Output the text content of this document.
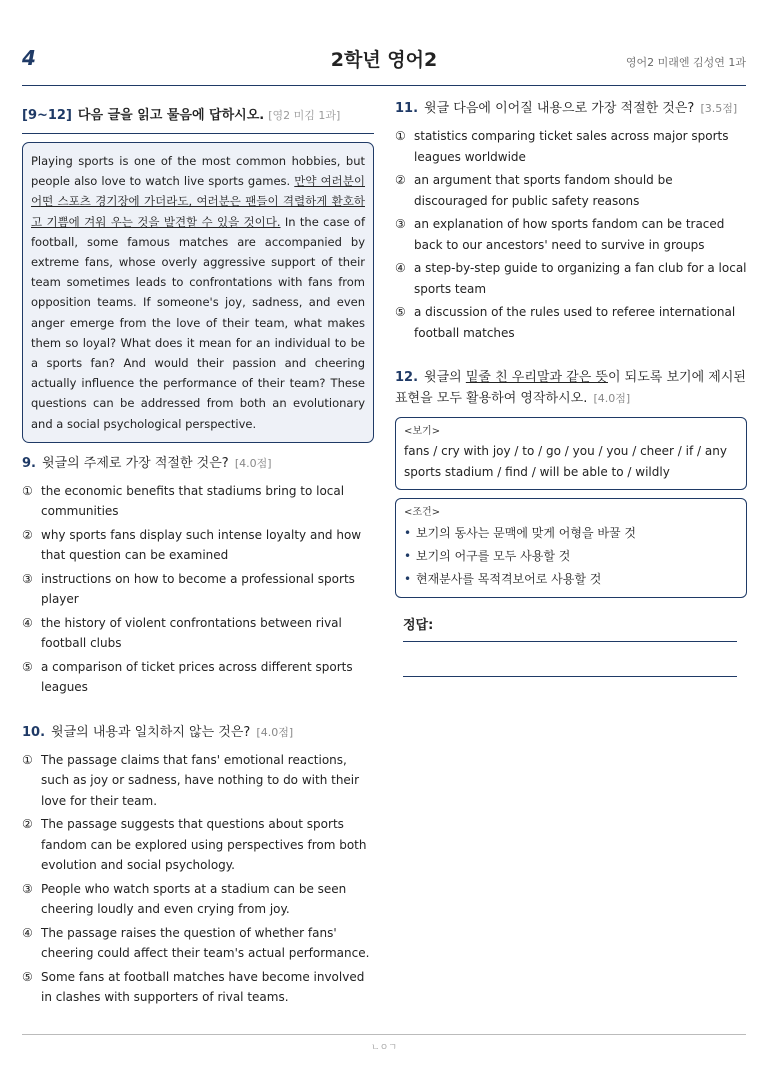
4	2학년 영어2	영어2 미래엔 김성연 1과
[9~12] 다음 글을 읽고 물음에 답하시오. [영2 미김 1과]
Playing sports is one of the most common hobbies, but people also love to watch live sports games. 만약 여러분이 어떤 스포츠 경기장에 가더라도, 여러분은 팬들이 격렬하게 환호하고 기쁨에 겨워 우는 것을 발견할 수 있을 것이다. In the case of football, some famous matches are accompanied by extreme fans, whose overly aggressive support of their team sometimes leads to confrontations with fans from opposition teams. If someone's joy, sadness, and even anger emerge from the love of their team, what makes them so loyal? What does it mean for an individual to be a sports fan? And would their passion and cheering actually influence the performance of their team? These questions can be addressed from both an evolutionary and a social psychological perspective.
9. 윗글의 주제로 가장 적절한 것은? [4.0점]
① the economic benefits that stadiums bring to local communities
② why sports fans display such intense loyalty and how that question can be examined
③ instructions on how to become a professional sports player
④ the history of violent confrontations between rival football clubs
⑤ a comparison of ticket prices across different sports leagues
10. 윗글의 내용과 일치하지 않는 것은? [4.0점]
① The passage claims that fans' emotional reactions, such as joy or sadness, have nothing to do with their love for their team.
② The passage suggests that questions about sports fandom can be explored using perspectives from both evolution and social psychology.
③ People who watch sports at a stadium can be seen cheering loudly and even crying from joy.
④ The passage raises the question of whether fans' cheering could affect their team's actual performance.
⑤ Some fans at football matches have become involved in clashes with supporters of rival teams.
11. 윗글 다음에 이어질 내용으로 가장 적절한 것은? [3.5점]
① statistics comparing ticket sales across major sports leagues worldwide
② an argument that sports fandom should be discouraged for public safety reasons
③ an explanation of how sports fandom can be traced back to our ancestors' need to survive in groups
④ a step-by-step guide to organizing a fan club for a local sports team
⑤ a discussion of the rules used to referee international football matches
12. 윗글의 밑줄 친 우리말과 같은 뜻이 되도록 보기에 제시된 표현을 모두 활용하여 영작하시오. [4.0점]
<보기>
fans / cry with joy / to / go / you / you / cheer / if / any sports stadium / find / will be able to / wildly
<조건>
• 보기의 동사는 문맥에 맞게 어형을 바꿀 것
• 보기의 어구를 모두 사용할 것
• 현재분사를 목적격보어로 사용할 것
정답:
ㄴㅇㄱ
